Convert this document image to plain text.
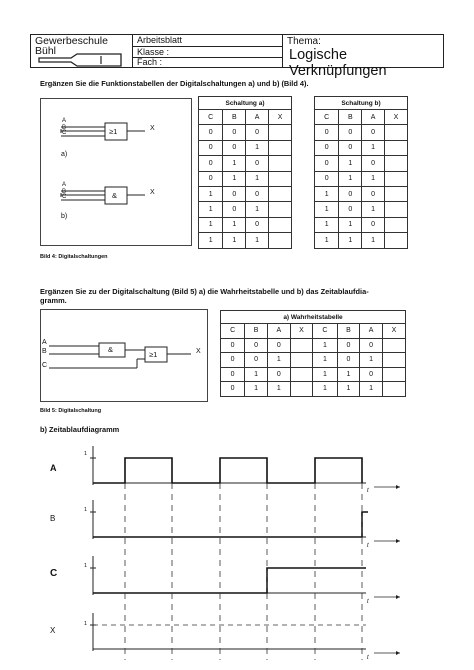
Gewerbeschule
Bühl
Arbeitsblatt
Klasse :
Fach :
Thema:
Logische Verknüpfungen
Ergänzen Sie die Funktionstabellen der Digitalschaltungen a) und b) (Bild 4).
A
B
C	≥1	X
a)
A
B
C	&	X
b)
Schaltung a)			
C	B	A	X
0	0	0	
0	0	1	
0	1	0	
0	1	1	
1	0	0	
1	0	1	
1	1	0	
1	1	1	
Schaltung b)			
C	B	A	X
0	0	0	
0	0	1	
0	1	0	
0	1	1	
1	0	0	
1	0	1	
1	1	0	
1	1	1	
Bild 4: Digitalschaltungen
Ergänzen Sie zu der Digitalschaltung (Bild 5) a) die Wahrheitstabelle und b) das Zeitablaufdia-
gramm.
A
B
C
&
≥1	X
a) Wahrheitstabelle							
C	B	A	X	C	B	A	X
0	0	0		1	0	0	
0	0	1		1	0	1	
0	1	0		1	1	0	
0	1	1		1	1	1	
Bild 5: Digitalschaltung
b) Zeitablaufdiagramm
A
B
C
X
1
1
1
1
t
t
t
t
